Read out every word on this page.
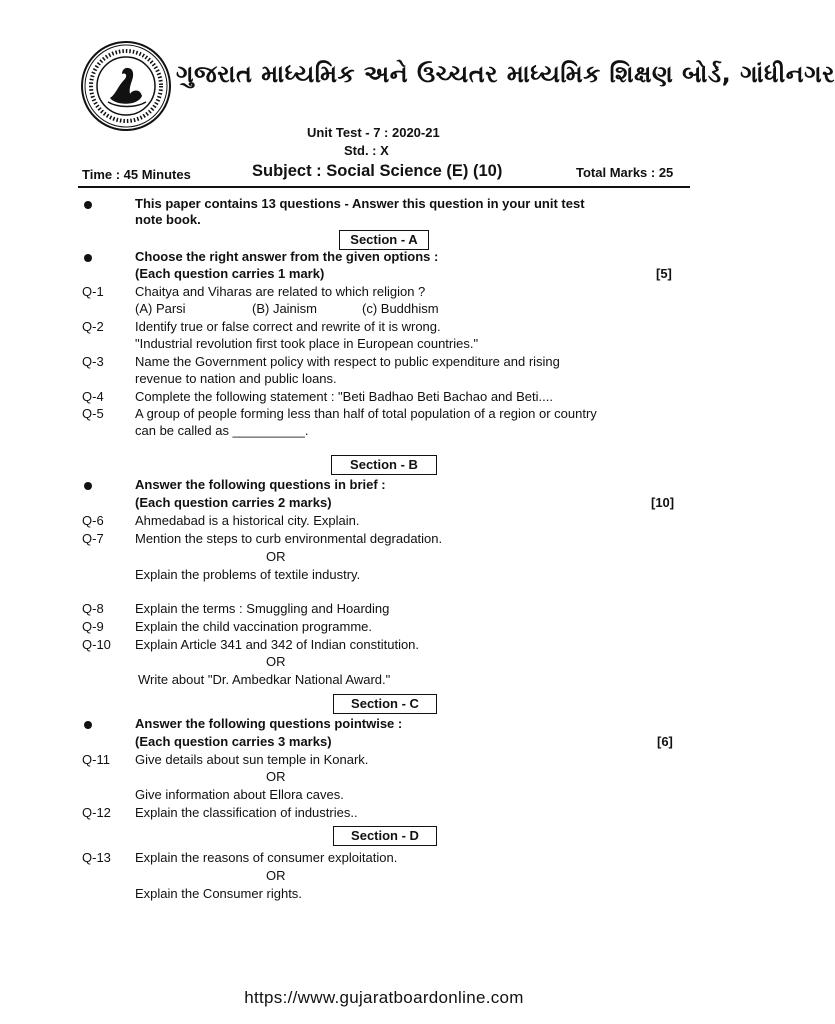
ગુજરાત માધ્યમિક અને ઉચ્ચતર માધ્યમિક શિક્ષણ બોર્ડ, ગાંધીનગર
Unit Test - 7 : 2020-21
Std. : X
Time : 45 Minutes	Subject : Social Science (E) (10)	Total Marks : 25
This paper contains 13 questions - Answer this question in your unit test
note book.
Section - A
Choose the right answer from the given options :
(Each question carries 1 mark)	[5]
Q-1 Chaitya and Viharas are related to which religion ?
(A) Parsi	(B) Jainism	(c) Buddhism
Q-2 Identify true or false correct and rewrite of it is wrong.
"Industrial revolution first took place in European countries."
Q-3 Name the Government policy with respect to public expenditure and rising
revenue to nation and public loans.
Q-4 Complete the following statement : "Beti Badhao Beti Bachao and Beti....
Q-5 A group of people forming less than half of total population of a region or country
can be called as __________.
Section - B
Answer the following questions in brief :
(Each question carries 2 marks)	[10]
Q-6 Ahmedabad is a historical city. Explain.
Q-7 Mention the steps to curb environmental degradation.
OR
Explain the problems of textile industry.
Q-8 Explain the terms : Smuggling and Hoarding
Q-9 Explain the child vaccination programme.
Q-10 Explain Article 341 and 342 of Indian constitution.
OR
Write about "Dr. Ambedkar National Award."
Section - C
Answer the following questions pointwise :
(Each question carries 3 marks)	[6]
Q-11 Give details about sun temple in Konark.
OR
Give information about Ellora caves.
Q-12 Explain the classification of industries..
Section - D
Q-13 Explain the reasons of consumer exploitation.
OR
Explain the Consumer rights.
https://www.gujaratboardonline.com
